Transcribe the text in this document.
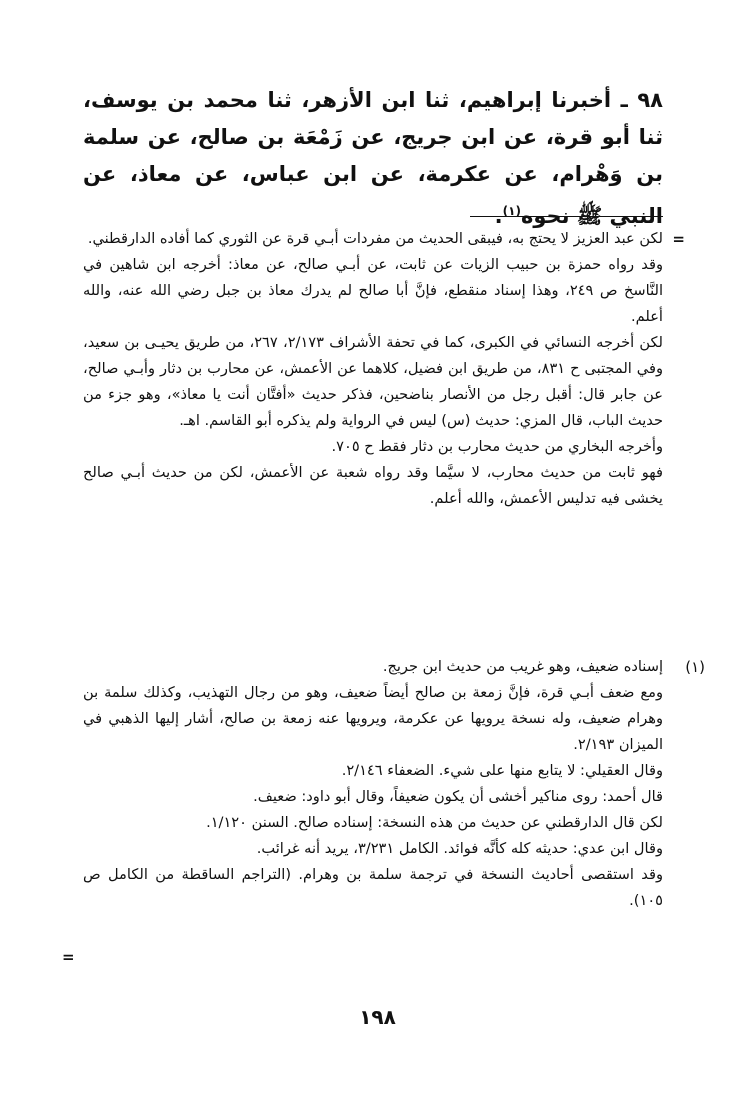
٩٨ ـ أخبرنا إبراهيم، ثنا ابن الأزهر، ثنا محمد بن يوسف، ثنا أبو قرة، عن ابن جريج، عن زَمْعَة بن صالح، عن سلمة بن وَهْرام، عن عكرمة، عن ابن عباس، عن معاذ، عن النبي ﷺ نحوه$^{(١)}$.
=

لكن عبد العزيز لا يحتج به، فيبقى الحديث من مفردات أبـي قرة عن الثوري كما أفاده الدارقطني.

وقد رواه حمزة بن حبيب الزيات عن ثابت، عن أبـي صالح، عن معاذ: أخرجه ابن شاهين في النَّاسخ ص ٢٤٩، وهذا إسناد منقطع، فإنَّ أبا صالح لم يدرك معاذ بن جبل رضي الله عنه، والله أعلم.

لكن أخرجه النسائي في الكبرى، كما في تحفة الأشراف ٢/١٧٣، ٢٦٧، من طريق يحيـى بن سعيد، وفي المجتبى ح ٨٣١، من طريق ابن فضيل، كلاهما عن الأعمش، عن محارب بن دثار وأبـي صالح، عن جابر قال: أقبل رجل من الأنصار بناضحين، فذكر حديث «أفتَّان أنت يا معاذ»، وهو جزء من حديث الباب، قال المزي: حديث (س) ليس في الرواية ولم يذكره أبو القاسم. اهـ.

وأخرجه البخاري من حديث محارب بن دثار فقط ح ٧٠٥.

فهو ثابت من حديث محارب، لا سيَّما وقد رواه شعبة عن الأعمش، لكن من حديث أبـي صالح يخشى فيه تدليس الأعمش، والله أعلم.

(١)

إسناده ضعيف، وهو غريب من حديث ابن جريج.

ومع ضعف أبـي قرة، فإنَّ زمعة بن صالح أيضاً ضعيف، وهو من رجال التهذيب، وكذلك سلمة بن وهرام ضعيف، وله نسخة يرويها عن عكرمة، ويرويها عنه زمعة بن صالح، أشار إليها الذهبي في الميزان ٢/١٩٣.

وقال العقيلي: لا يتابع منها على شيء. الضعفاء ٢/١٤٦.

قال أحمد: روى مناكير أخشى أن يكون ضعيفاً، وقال أبو داود: ضعيف.

لكن قال الدارقطني عن حديث من هذه النسخة: إسناده صالح. السنن ١/١٢٠.

وقال ابن عدي: حديثه كله كأنَّه فوائد. الكامل ٣/٢٣١، يريد أنه غرائب.

وقد استقصى أحاديث النسخة في ترجمة سلمة بن وهرام. (التراجم الساقطة من الكامل ص ١٠٥).

=
١٩٨
